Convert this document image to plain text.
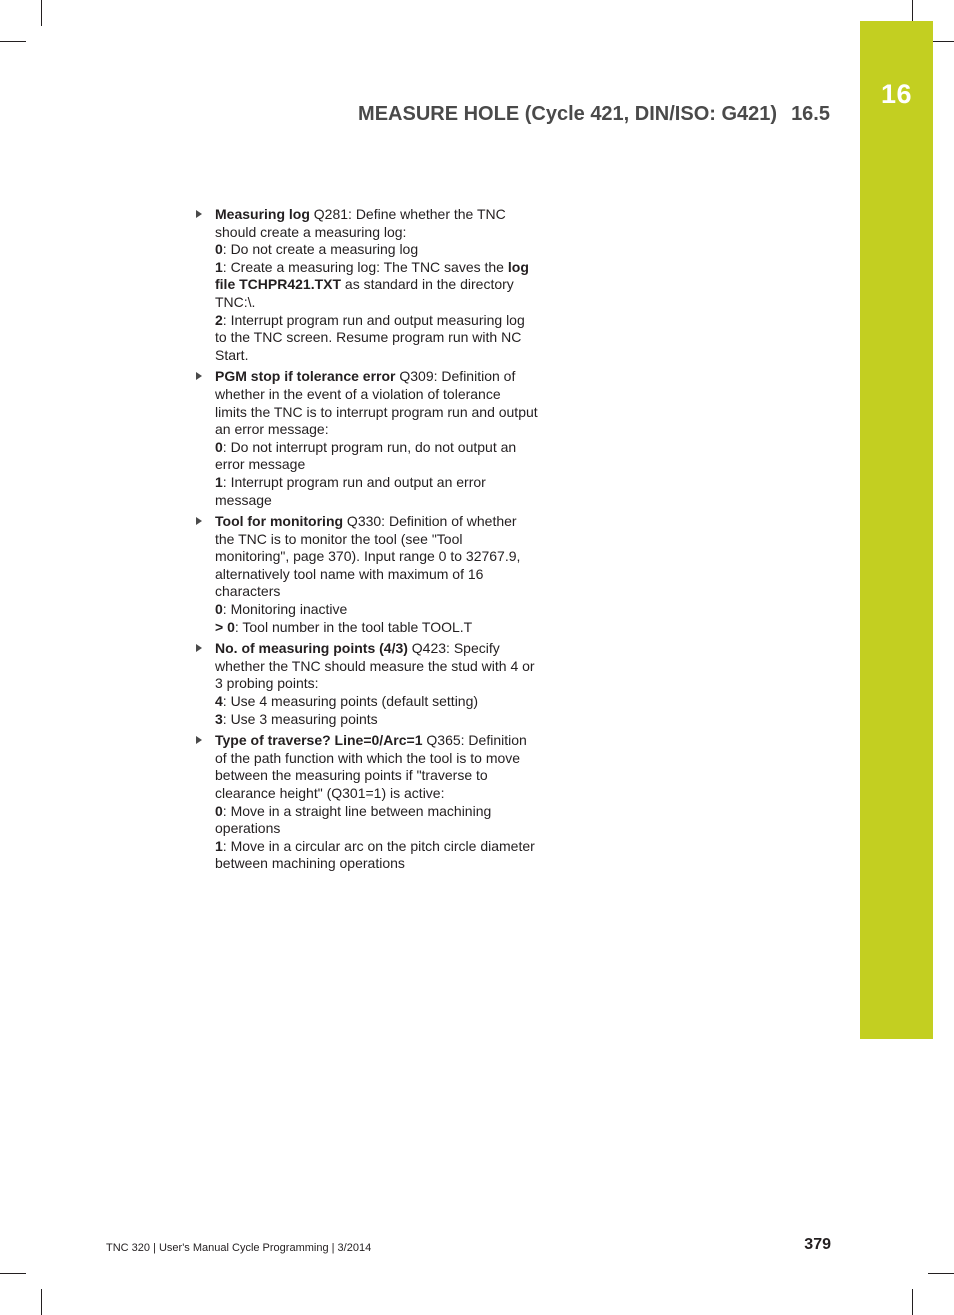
16
MEASURE HOLE (Cycle 421, DIN/ISO: G421) 16.5
Measuring log Q281: Define whether the TNC
should create a measuring log:
0: Do not create a measuring log
1: Create a measuring log: The TNC saves the log
file TCHPR421.TXT as standard in the directory
TNC:\.
2: Interrupt program run and output measuring log
to the TNC screen. Resume program run with NC
Start.
PGM stop if tolerance error Q309: Definition of
whether in the event of a violation of tolerance
limits the TNC is to interrupt program run and output
an error message:
0: Do not interrupt program run, do not output an
error message
1: Interrupt program run and output an error
message
Tool for monitoring Q330: Definition of whether
the TNC is to monitor the tool (see "Tool
monitoring", page 370). Input range 0 to 32767.9,
alternatively tool name with maximum of 16
characters
0: Monitoring inactive
> 0: Tool number in the tool table TOOL.T
No. of measuring points (4/3) Q423: Specify
whether the TNC should measure the stud with 4 or
3 probing points:
4: Use 4 measuring points (default setting)
3: Use 3 measuring points
Type of traverse? Line=0/Arc=1 Q365: Definition
of the path function with which the tool is to move
between the measuring points if "traverse to
clearance height" (Q301=1) is active:
0: Move in a straight line between machining
operations
1: Move in a circular arc on the pitch circle diameter
between machining operations
TNC 320 | User's Manual Cycle Programming | 3/2014	379
